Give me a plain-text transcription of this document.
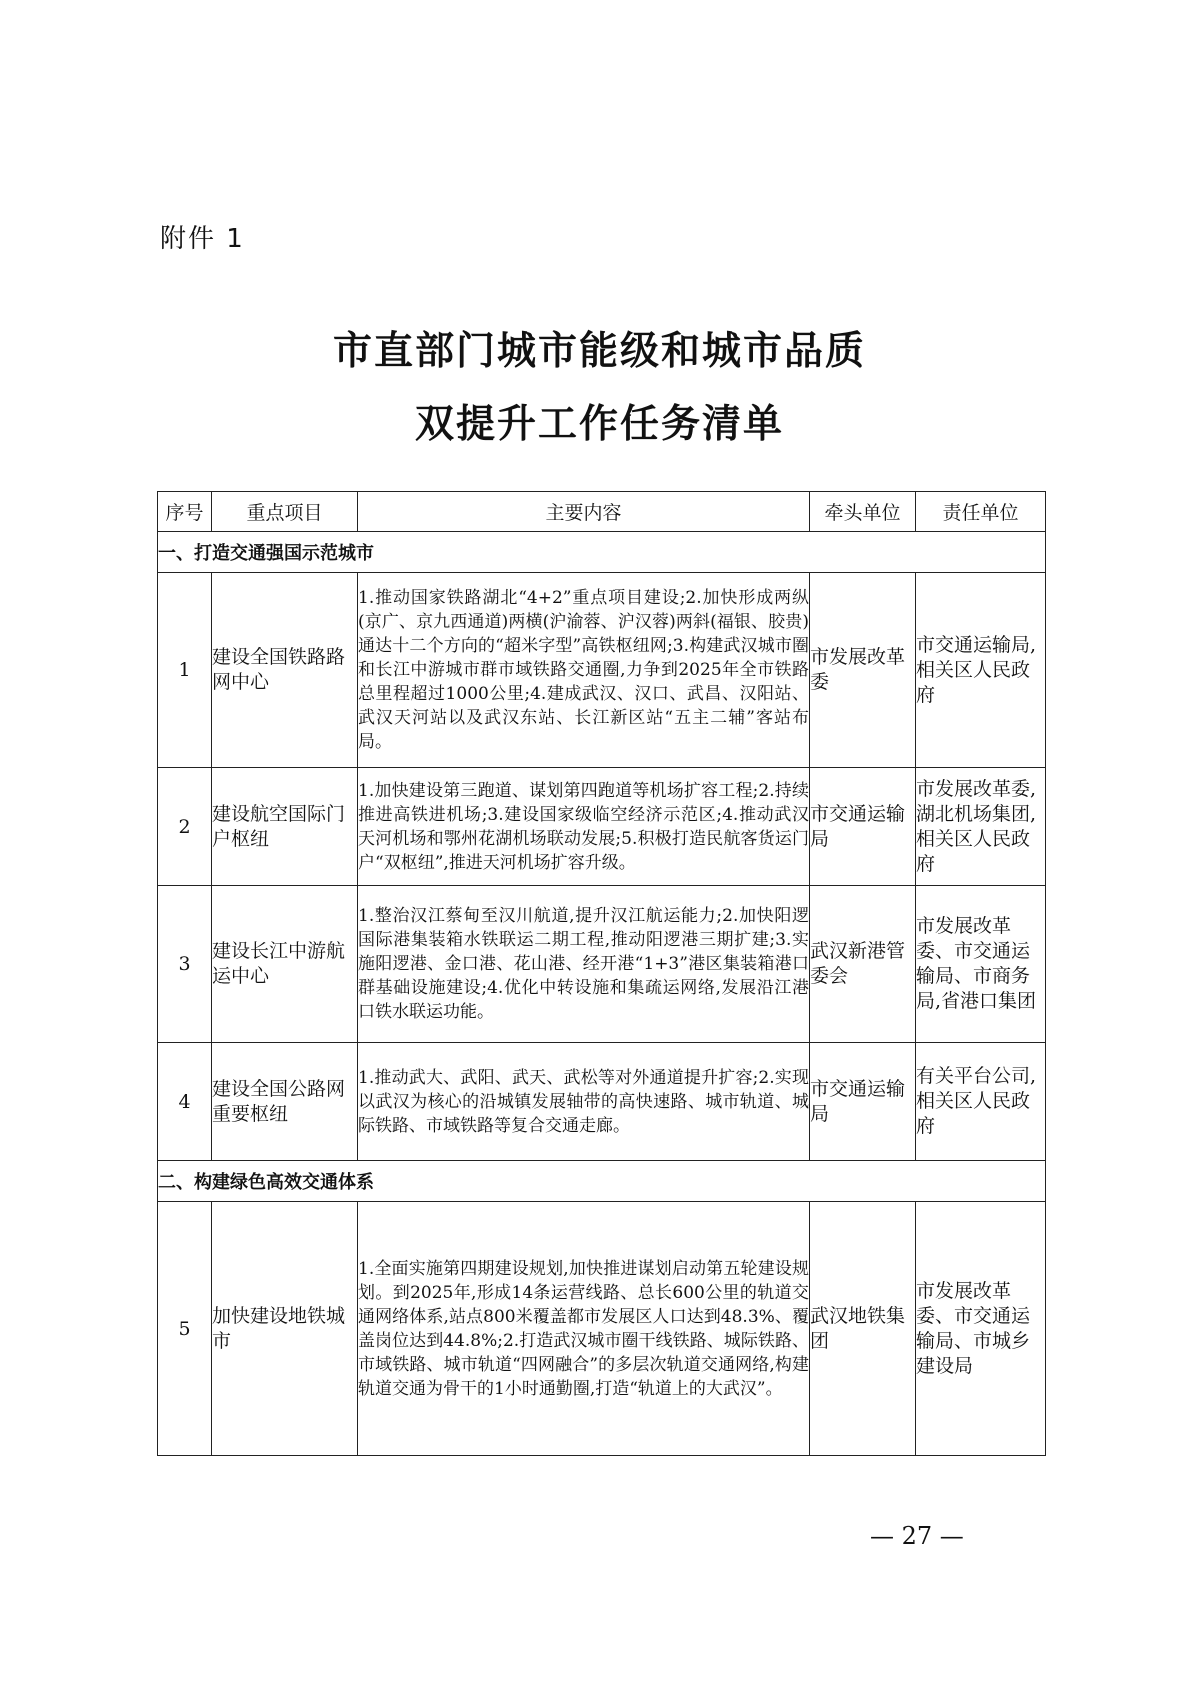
附件 1
市直部门城市能级和城市品质
双提升工作任务清单
序号	重点项目	主要内容	牵头单位	责任单位
一、打造交通强国示范城市				
1	建设全国铁路路网中心	1.推动国家铁路湖北“4+2”重点项目建设;2.加快形成两纵(京广、京九西通道)两横(沪渝蓉、沪汉蓉)两斜(福银、胶贵)通达十二个方向的“超米字型”高铁枢纽网;3.构建武汉城市圈和长江中游城市群市域铁路交通圈,力争到2025年全市铁路总里程超过1000公里;4.建成武汉、汉口、武昌、汉阳站、武汉天河站以及武汉东站、长江新区站“五主二辅”客站布局。	市发展改革委	市交通运输局,相关区人民政府
2	建设航空国际门户枢纽	1.加快建设第三跑道、谋划第四跑道等机场扩容工程;2.持续推进高铁进机场;3.建设国家级临空经济示范区;4.推动武汉天河机场和鄂州花湖机场联动发展;5.积极打造民航客货运门户“双枢纽”,推进天河机场扩容升级。	市交通运输局	市发展改革委,湖北机场集团,相关区人民政府
3	建设长江中游航运中心	1.整治汉江蔡甸至汉川航道,提升汉江航运能力;2.加快阳逻国际港集装箱水铁联运二期工程,推动阳逻港三期扩建;3.实施阳逻港、金口港、花山港、经开港“1+3”港区集装箱港口群基础设施建设;4.优化中转设施和集疏运网络,发展沿江港口铁水联运功能。	武汉新港管委会	市发展改革委、市交通运输局、市商务局,省港口集团
4	建设全国公路网重要枢纽	1.推动武大、武阳、武天、武松等对外通道提升扩容;2.实现以武汉为核心的沿城镇发展轴带的高快速路、城市轨道、城际铁路、市域铁路等复合交通走廊。	市交通运输局	有关平台公司,相关区人民政府
二、构建绿色高效交通体系				
5	加快建设地铁城市	1.全面实施第四期建设规划,加快推进谋划启动第五轮建设规划。到2025年,形成14条运营线路、总长600公里的轨道交通网络体系,站点800米覆盖都市发展区人口达到48.3%、覆盖岗位达到44.8%;2.打造武汉城市圈干线铁路、城际铁路、市域铁路、城市轨道“四网融合”的多层次轨道交通网络,构建轨道交通为骨干的1小时通勤圈,打造“轨道上的大武汉”。	武汉地铁集团	市发展改革委、市交通运输局、市城乡建设局
— 27 —
